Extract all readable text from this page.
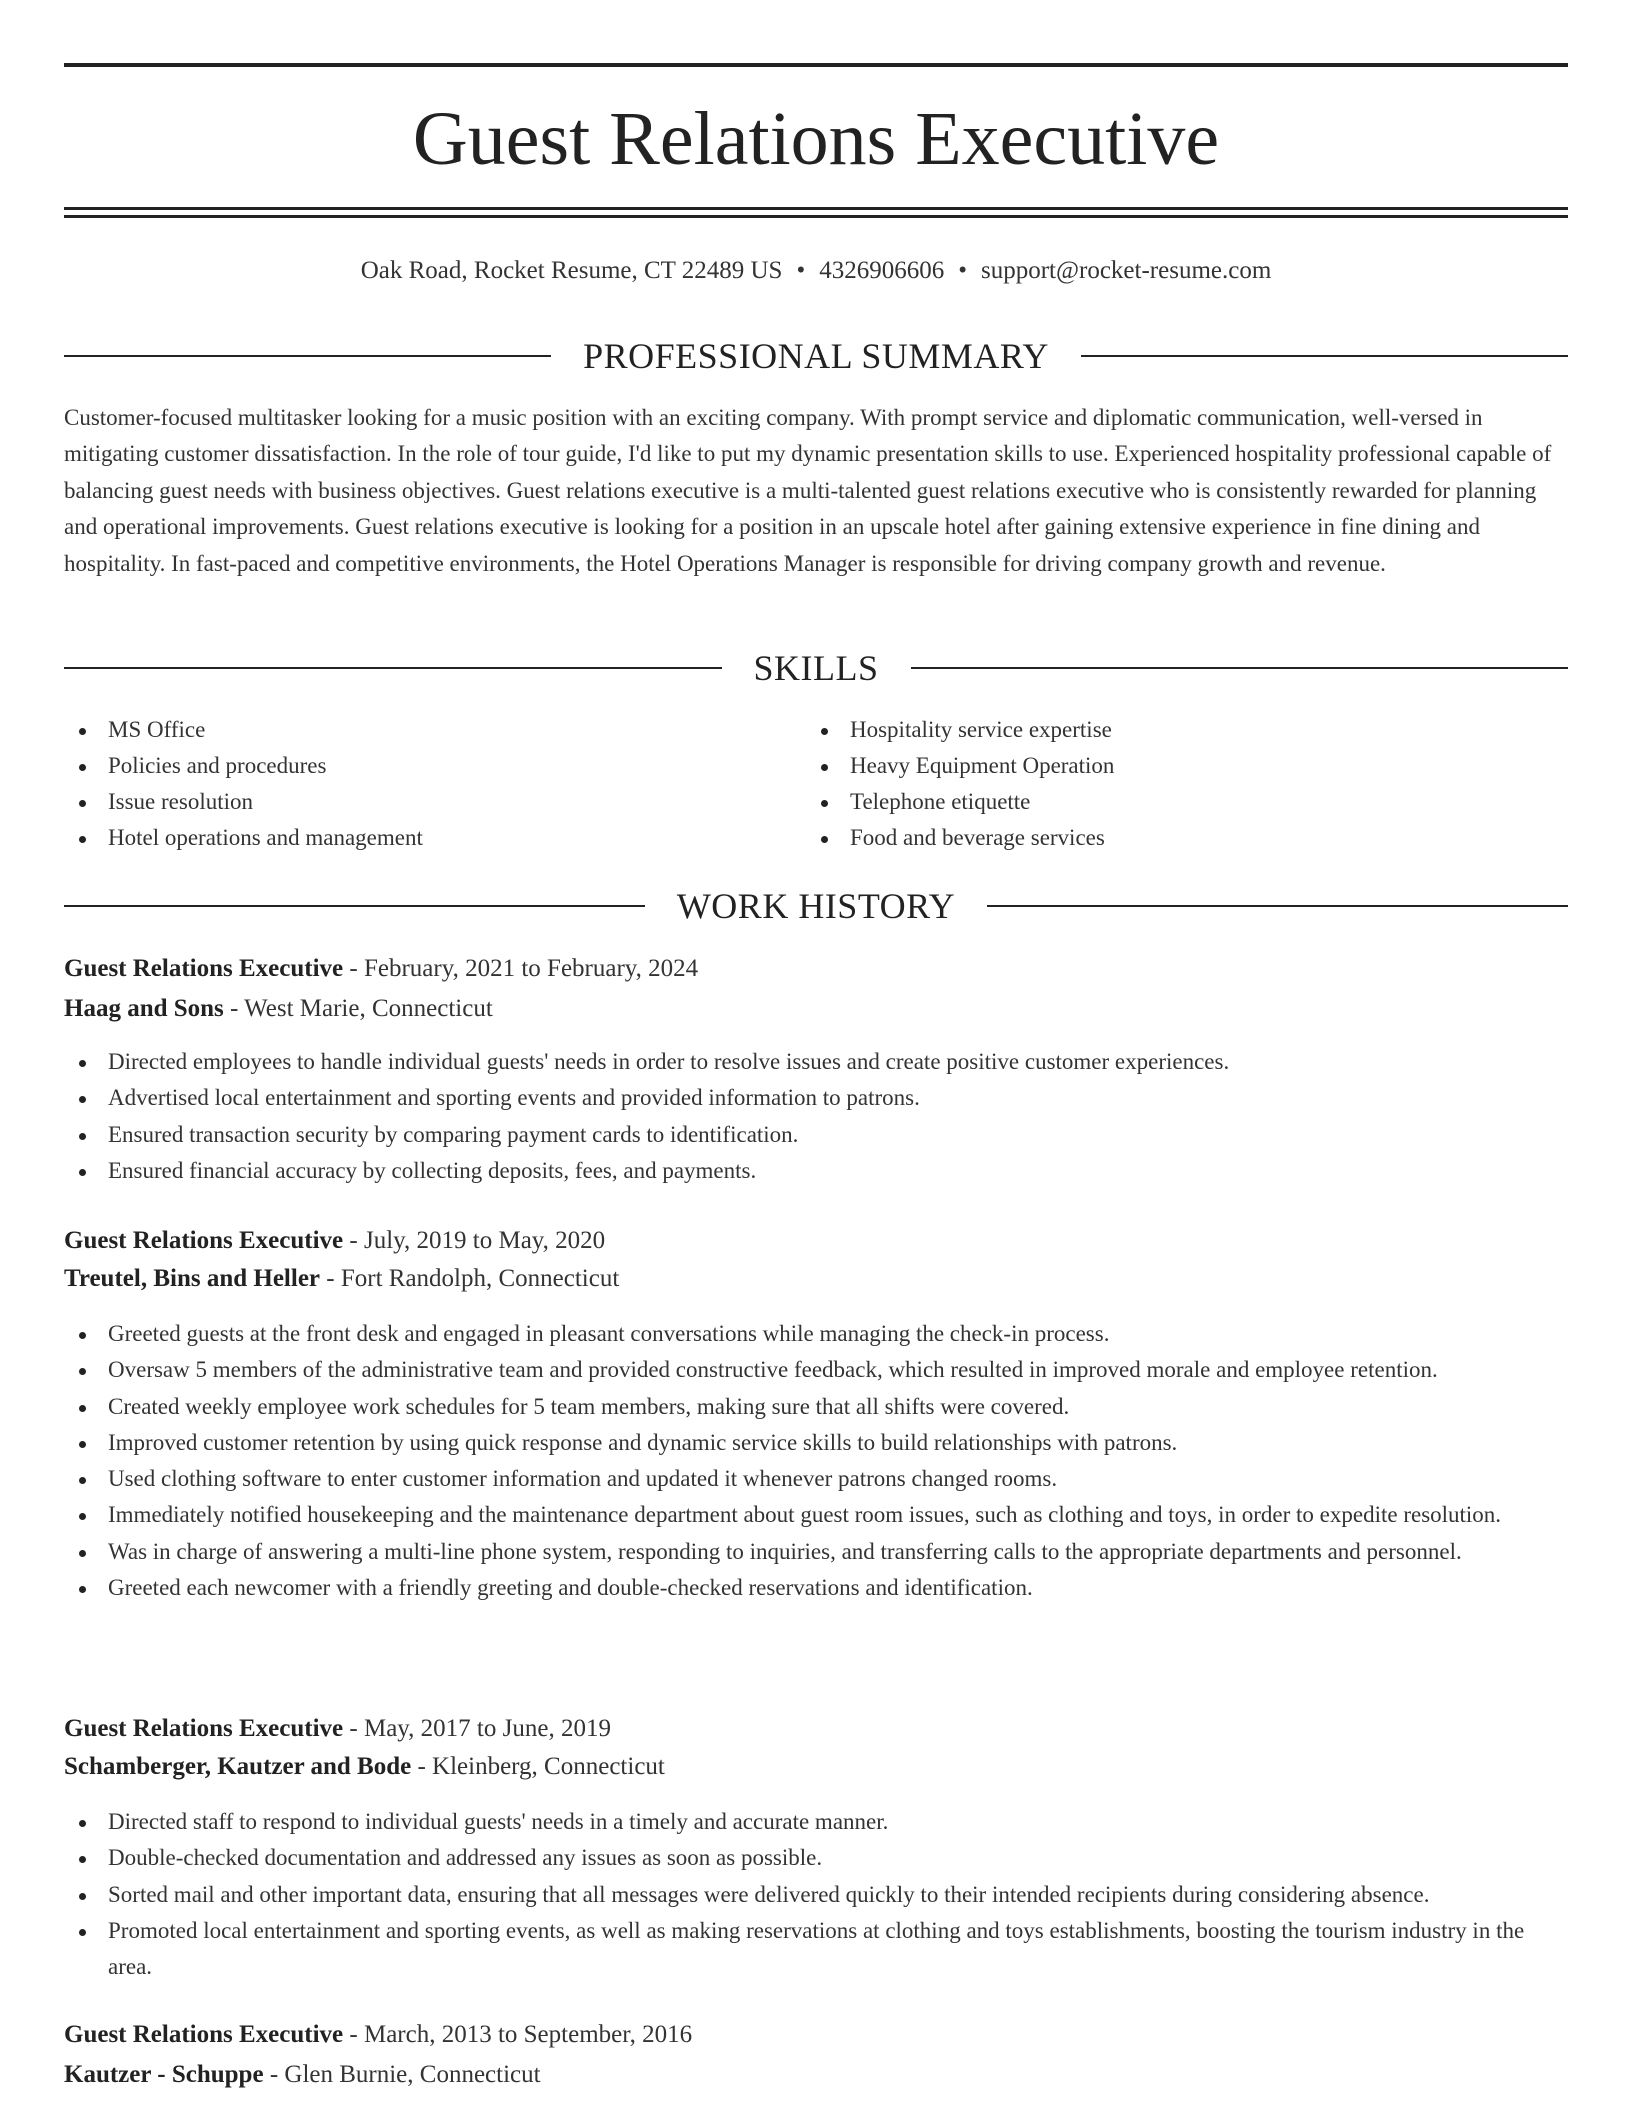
Guest Relations Executive
Oak Road, Rocket Resume, CT 22489 US • 4326906606 • support@rocket-resume.com
PROFESSIONAL SUMMARY

Customer-focused multitasker looking for a music position with an exciting company. With prompt service and diplomatic communication, well-versed in mitigating customer dissatisfaction. In the role of tour guide, I'd like to put my dynamic presentation skills to use. Experienced hospitality professional capable of balancing guest needs with business objectives. Guest relations executive is a multi-talented guest relations executive who is consistently rewarded for planning and operational improvements. Guest relations executive is looking for a position in an upscale hotel after gaining extensive experience in fine dining and hospitality. In fast-paced and competitive environments, the Hotel Operations Manager is responsible for driving company growth and revenue.

SKILLS
MS Office
Policies and procedures
Issue resolution
Hotel operations and management
Hospitality service expertise
Heavy Equipment Operation
Telephone etiquette
Food and beverage services
WORK HISTORY
Guest Relations Executive - February, 2021 to February, 2024
Haag and Sons - West Marie, Connecticut
Directed employees to handle individual guests' needs in order to resolve issues and create positive customer experiences.
Advertised local entertainment and sporting events and provided information to patrons.
Ensured transaction security by comparing payment cards to identification.
Ensured financial accuracy by collecting deposits, fees, and payments.
Guest Relations Executive - July, 2019 to May, 2020
Treutel, Bins and Heller - Fort Randolph, Connecticut
Greeted guests at the front desk and engaged in pleasant conversations while managing the check-in process.
Oversaw 5 members of the administrative team and provided constructive feedback, which resulted in improved morale and employee retention.
Created weekly employee work schedules for 5 team members, making sure that all shifts were covered.
Improved customer retention by using quick response and dynamic service skills to build relationships with patrons.
Used clothing software to enter customer information and updated it whenever patrons changed rooms.
Immediately notified housekeeping and the maintenance department about guest room issues, such as clothing and toys, in order to expedite resolution.
Was in charge of answering a multi-line phone system, responding to inquiries, and transferring calls to the appropriate departments and personnel.
Greeted each newcomer with a friendly greeting and double-checked reservations and identification.
Guest Relations Executive - May, 2017 to June, 2019
Schamberger, Kautzer and Bode - Kleinberg, Connecticut
Directed staff to respond to individual guests' needs in a timely and accurate manner.
Double-checked documentation and addressed any issues as soon as possible.
Sorted mail and other important data, ensuring that all messages were delivered quickly to their intended recipients during considering absence.
Promoted local entertainment and sporting events, as well as making reservations at clothing and toys establishments, boosting the tourism industry in the area.
Guest Relations Executive - March, 2013 to September, 2016
Kautzer - Schuppe - Glen Burnie, Connecticut
